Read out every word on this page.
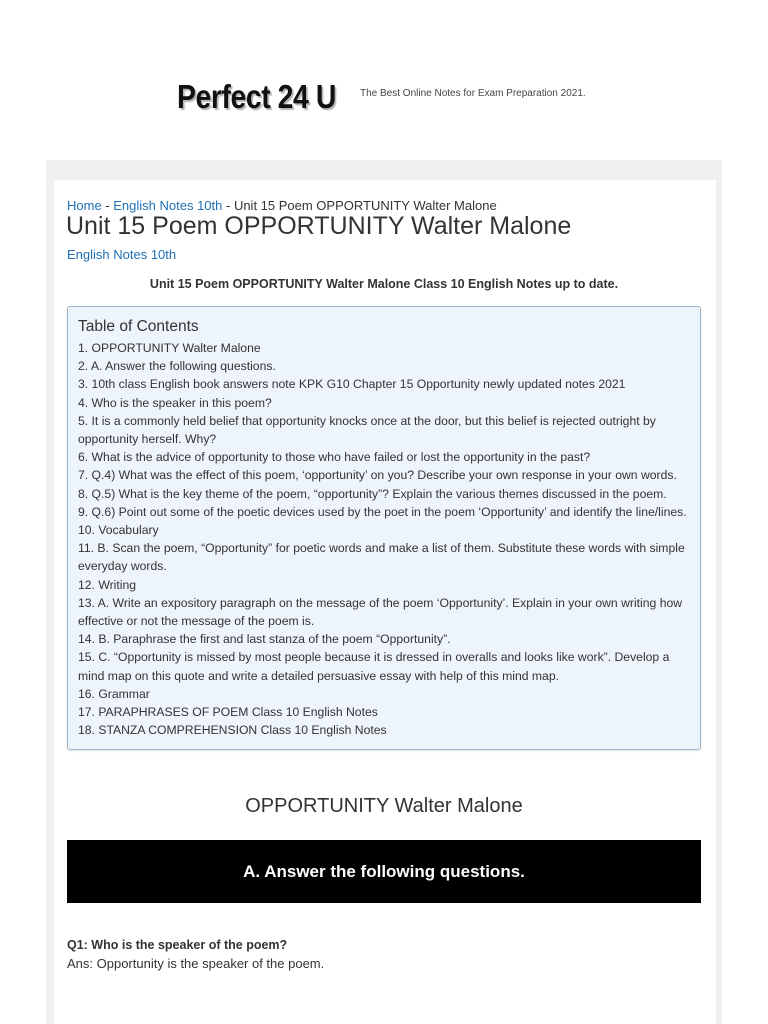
Perfect 24 U The Best Online Notes for Exam Preparation 2021.
Home - English Notes 10th - Unit 15 Poem OPPORTUNITY Walter Malone
Unit 15 Poem OPPORTUNITY Walter Malone
English Notes 10th
Unit 15 Poem OPPORTUNITY Walter Malone Class 10 English Notes up to date.
Table of Contents
1. OPPORTUNITY Walter Malone
2. A. Answer the following questions.
3. 10th class English book answers note KPK G10 Chapter 15 Opportunity newly updated notes 2021
4. Who is the speaker in this poem?
5. It is a commonly held belief that opportunity knocks once at the door, but this belief is rejected outright by opportunity herself. Why?
6. What is the advice of opportunity to those who have failed or lost the opportunity in the past?
7. Q.4) What was the effect of this poem, ‘opportunity’ on you? Describe your own response in your own words.
8. Q.5) What is the key theme of the poem, “opportunity”? Explain the various themes discussed in the poem.
9. Q.6) Point out some of the poetic devices used by the poet in the poem ‘Opportunity’ and identify the line/lines.
10. Vocabulary
11. B. Scan the poem, “Opportunity” for poetic words and make a list of them. Substitute these words with simple everyday words.
12. Writing
13. A. Write an expository paragraph on the message of the poem ‘Opportunity’. Explain in your own writing how effective or not the message of the poem is.
14. B. Paraphrase the first and last stanza of the poem “Opportunity”.
15. C. “Opportunity is missed by most people because it is dressed in overalls and looks like work”. Develop a mind map on this quote and write a detailed persuasive essay with help of this mind map.
16. Grammar
17. PARAPHRASES OF POEM Class 10 English Notes
18. STANZA COMPREHENSION Class 10 English Notes
OPPORTUNITY Walter Malone
A. Answer the following questions.
Q1: Who is the speaker of the poem?
Ans: Opportunity is the speaker of the poem.
